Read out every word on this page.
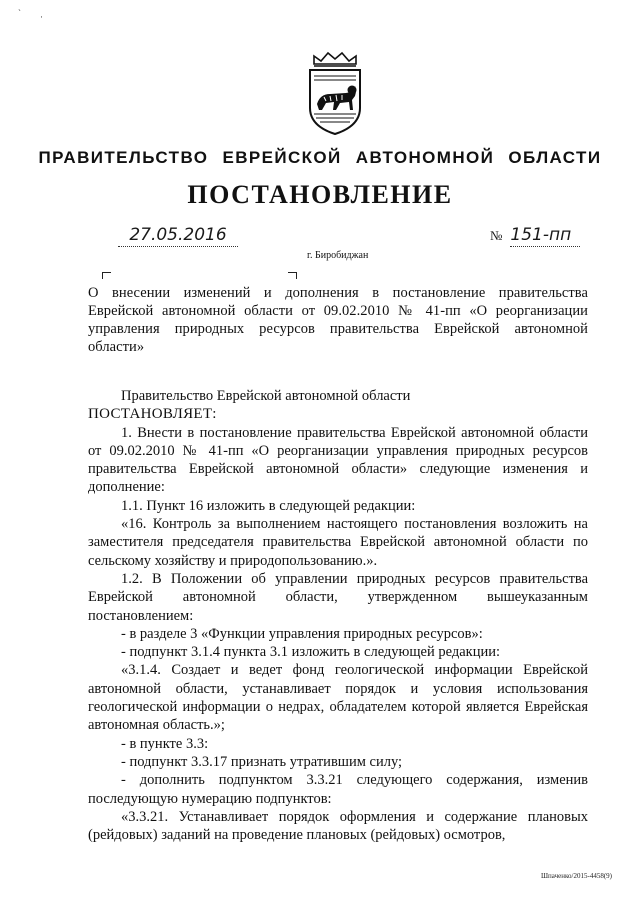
ˋ ·
ПРАВИТЕЛЬСТВО ЕВРЕЙСКОЙ АВТОНОМНОЙ ОБЛАСТИ
ПОСТАНОВЛЕНИЕ
27.05.2016	№ 151-пп
г. Биробиджан
О внесении изменений и дополнения в постановление правительства Еврейской автономной области от 09.02.2010 № 41-пп «О реорганизации управления природных ресурсов правительства Еврейской автономной области»

Правительство Еврейской автономной области

ПОСТАНОВЛЯЕТ:

1. Внести в постановление правительства Еврейской автономной области от 09.02.2010 № 41-пп «О реорганизации управления природных ресурсов правительства Еврейской автономной области» следующие изменения и дополнение:

1.1. Пункт 16 изложить в следующей редакции:

«16. Контроль за выполнением настоящего постановления возложить на заместителя председателя правительства Еврейской автономной области по сельскому хозяйству и природопользованию.».

1.2. В Положении об управлении природных ресурсов правительства Еврейской автономной области, утвержденном вышеуказанным постановлением:

- в разделе 3 «Функции управления природных ресурсов»:

- подпункт 3.1.4 пункта 3.1 изложить в следующей редакции:

«3.1.4. Создает и ведет фонд геологической информации Еврейской автономной области, устанавливает порядок и условия использования геологической информации о недрах, обладателем которой является Еврейская автономная область.»;

- в пункте 3.3:

- подпункт 3.3.17 признать утратившим силу;

- дополнить подпунктом 3.3.21 следующего содержания, изменив последующую нумерацию подпунктов:

«3.3.21. Устанавливает порядок оформления и содержание плановых (рейдовых) заданий на проведение плановых (рейдовых) осмотров,

Шпаченко/2015-4458(9)
